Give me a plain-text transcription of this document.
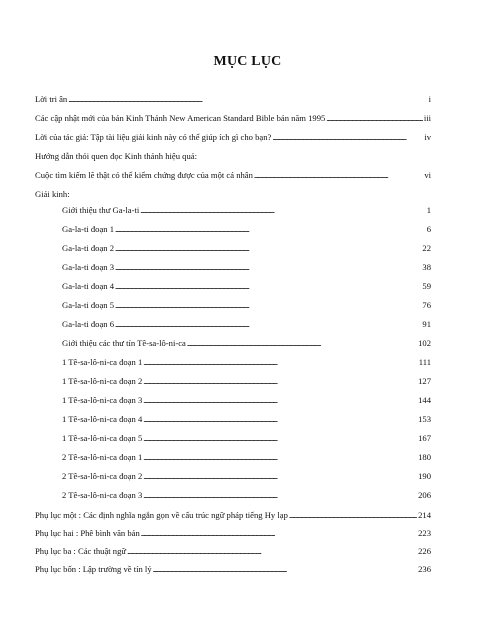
MỤC LỤC
Lời tri ân . . .	i
Các cập nhật mới của bản Kinh Thánh New American Standard Bible bản năm 1995 . . .	iii
Lời của tác giả: Tập tài liệu giải kinh này có thể giúp ích gì cho bạn? . . .	iv
Hướng dẫn thói quen đọc Kinh thánh hiệu quả:
Cuộc tìm kiếm lẽ thật có thể kiểm chứng được của một cá nhân . . .	vi
Giải kinh:
Giới thiệu thư Ga-la-ti . . .	1
Ga-la-ti đoạn 1 . . .	6
Ga-la-ti đoạn 2 . . .	22
Ga-la-ti đoạn 3 . . .	38
Ga-la-ti đoạn 4 . . .	59
Ga-la-ti đoạn 5 . . .	76
Ga-la-ti đoạn 6 . . .	91
Giới thiệu các thư tín Tê-sa-lô-ni-ca . . .	102
1 Tê-sa-lô-ni-ca đoạn 1 . . .	111
1 Tê-sa-lô-ni-ca đoạn 2 . . .	127
1 Tê-sa-lô-ni-ca đoạn 3 . . .	144
1 Tê-sa-lô-ni-ca đoạn 4 . . .	153
1 Tê-sa-lô-ni-ca đoạn 5 . . .	167
2 Tê-sa-lô-ni-ca đoạn 1 . . .	180
2 Tê-sa-lô-ni-ca đoạn 2 . . .	190
2 Tê-sa-lô-ni-ca đoạn 3 . . .	206
Phụ lục một : Các định nghĩa ngắn gọn về cấu trúc ngữ pháp tiếng Hy lạp . . .	214
Phụ lục hai : Phê bình văn bản . . .	223
Phụ lục ba : Các thuật ngữ . . .	226
Phụ lục bốn : Lập trường về tín lý . . .	236
